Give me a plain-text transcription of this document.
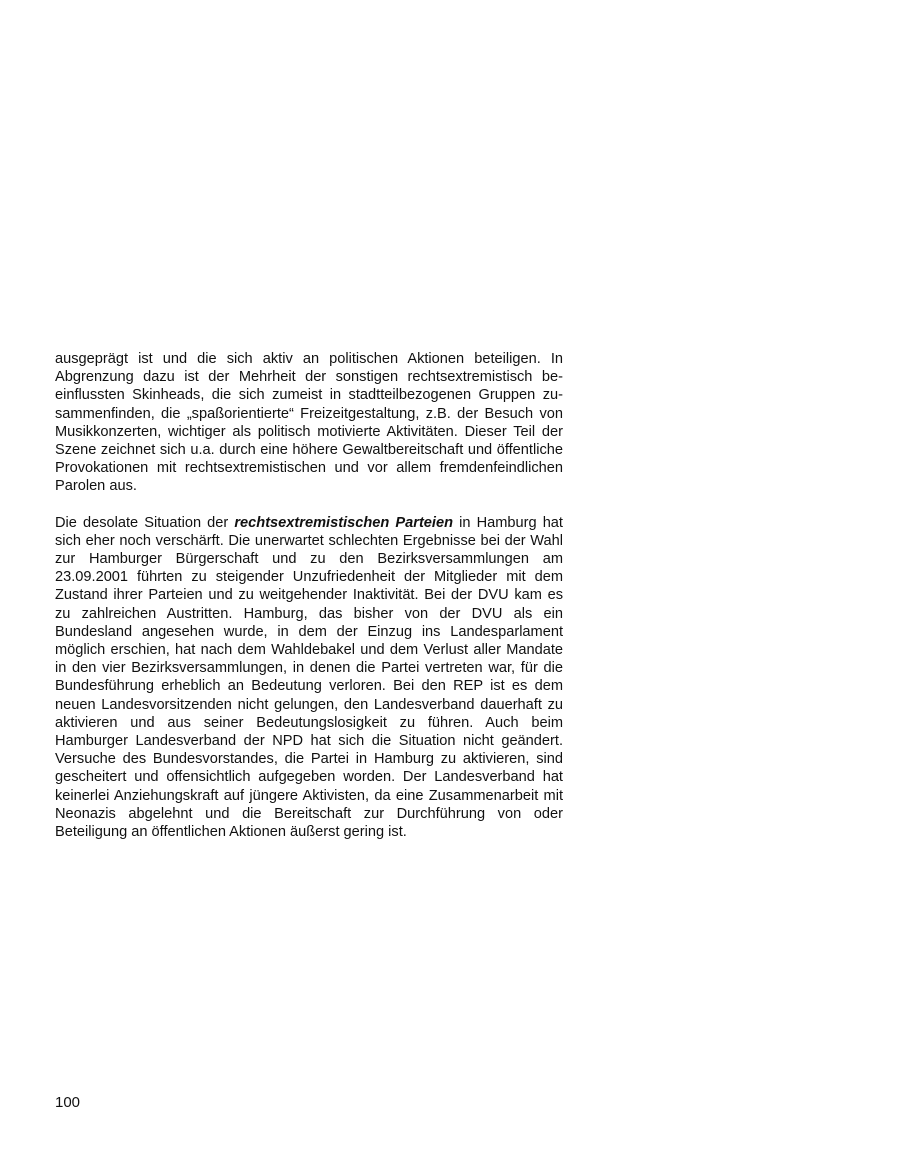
ausgeprägt ist und die sich aktiv an politischen Aktionen beteiligen. In Abgrenzung dazu ist der Mehrheit der sonstigen rechtsextremistisch beeinflussten Skinheads, die sich zumeist in stadtteilbezogenen Gruppen zusammenfinden, die „spaßorientierte“ Freizeitgestaltung, z.B. der Besuch von Musikkonzerten, wichtiger als politisch motivierte Aktivitäten. Dieser Teil der Szene zeichnet sich u.a. durch eine höhere Gewaltbereitschaft und öffentliche Provokationen mit rechtsextremistischen und vor allem fremdenfeindlichen Parolen aus.

Die desolate Situation der rechtsextremistischen Parteien in Hamburg hat sich eher noch verschärft. Die unerwartet schlechten Ergebnisse bei der Wahl zur Hamburger Bürgerschaft und zu den Bezirksversammlungen am 23.09.2001 führten zu steigender Unzufriedenheit der Mitglieder mit dem Zustand ihrer Parteien und zu weitgehender Inaktivität. Bei der DVU kam es zu zahlreichen Austritten. Hamburg, das bisher von der DVU als ein Bundesland angesehen wurde, in dem der Einzug ins Landesparlament möglich erschien, hat nach dem Wahldebakel und dem Verlust aller Mandate in den vier Bezirksversammlungen, in denen die Partei vertreten war, für die Bundesführung erheblich an Bedeutung verloren. Bei den REP ist es dem neuen Landesvorsitzenden nicht gelungen, den Landesverband dauerhaft zu aktivieren und aus seiner Bedeutungslosigkeit zu führen. Auch beim Hamburger Landesverband der NPD hat sich die Situation nicht geändert. Versuche des Bundesvorstandes, die Partei in Hamburg zu aktivieren, sind gescheitert und offensichtlich aufgegeben worden. Der Landesverband hat keinerlei Anziehungskraft auf jüngere Aktivisten, da eine Zusammenarbeit mit Neonazis abgelehnt und die Bereitschaft zur Durchführung von oder Beteiligung an öffentlichen Aktionen äußerst gering ist.

100
